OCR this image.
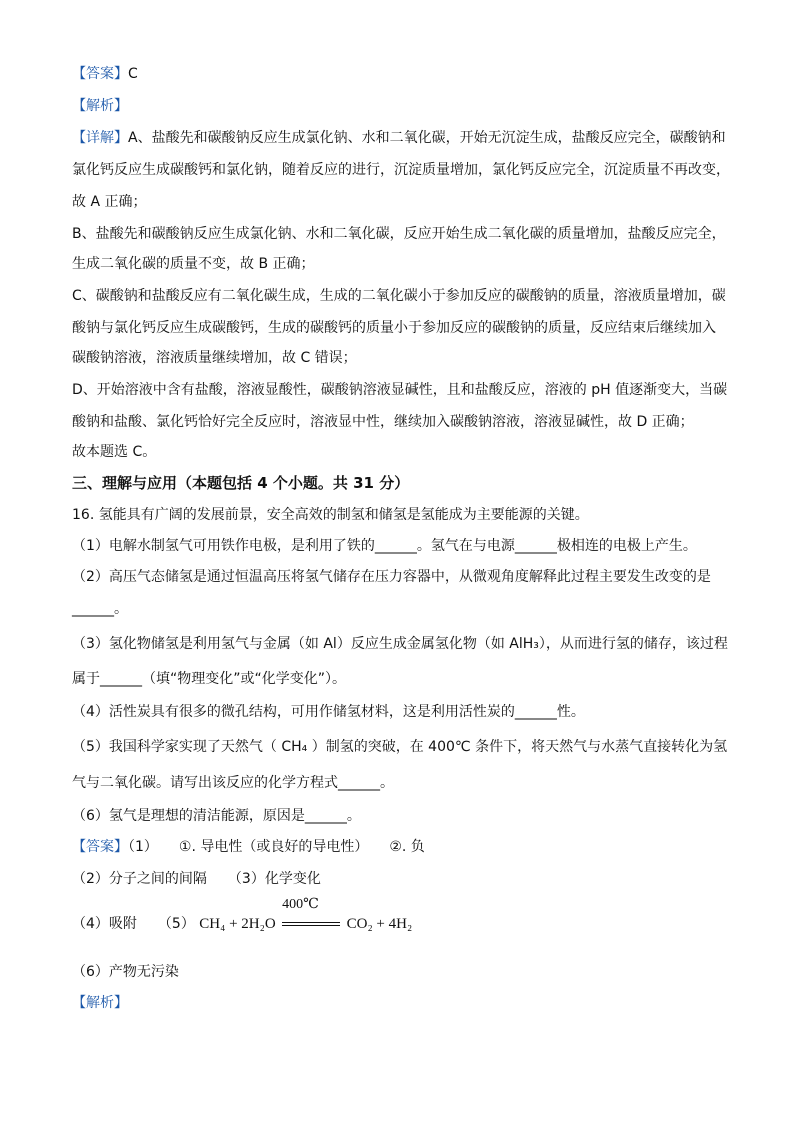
【答案】C
【解析】
【详解】A、盐酸先和碳酸钠反应生成氯化钠、水和二氧化碳，开始无沉淀生成，盐酸反应完全，碳酸钠和
氯化钙反应生成碳酸钙和氯化钠，随着反应的进行，沉淀质量增加，氯化钙反应完全，沉淀质量不再改变，
故 A 正确；
B、盐酸先和碳酸钠反应生成氯化钠、水和二氧化碳，反应开始生成二氧化碳的质量增加，盐酸反应完全，
生成二氧化碳的质量不变，故 B 正确；
C、碳酸钠和盐酸反应有二氧化碳生成，生成的二氧化碳小于参加反应的碳酸钠的质量，溶液质量增加，碳
酸钠与氯化钙反应生成碳酸钙，生成的碳酸钙的质量小于参加反应的碳酸钠的质量，反应结束后继续加入
碳酸钠溶液，溶液质量继续增加，故 C 错误；
D、开始溶液中含有盐酸，溶液显酸性，碳酸钠溶液显碱性，且和盐酸反应，溶液的 pH 值逐渐变大，当碳
酸钠和盐酸、氯化钙恰好完全反应时，溶液显中性，继续加入碳酸钠溶液，溶液显碱性，故 D 正确；
故本题选 C。
三、理解与应用（本题包括 4 个小题。共 31 分）
16. 氢能具有广阔的发展前景，安全高效的制氢和储氢是氢能成为主要能源的关键。
（1）电解水制氢气可用铁作电极，是利用了铁的______。氢气在与电源______极相连的电极上产生。
（2）高压气态储氢是通过恒温高压将氢气储存在压力容器中，从微观角度解释此过程主要发生改变的是
______。
（3）氢化物储氢是利用氢气与金属（如 Al）反应生成金属氢化物（如 AlH₃），从而进行氢的储存，该过程
属于______（填“物理变化”或“化学变化”）。
（4）活性炭具有很多的微孔结构，可用作储氢材料，这是利用活性炭的______性。
（5）我国科学家实现了天然气（ CH₄ ）制氢的突破，在 400℃ 条件下，将天然气与水蒸气直接转化为氢
气与二氧化碳。请写出该反应的化学方程式______。
（6）氢气是理想的清洁能源，原因是______。
【答案】（1）　　①. 导电性（或良好的导电性）　　②. 负
（2）分子之间的间隔　　（3）化学变化
（4）吸附　　（5） CH₄ + 2H₂O
400℃
CO₂ + 4H₂
（6）产物无污染
【解析】
